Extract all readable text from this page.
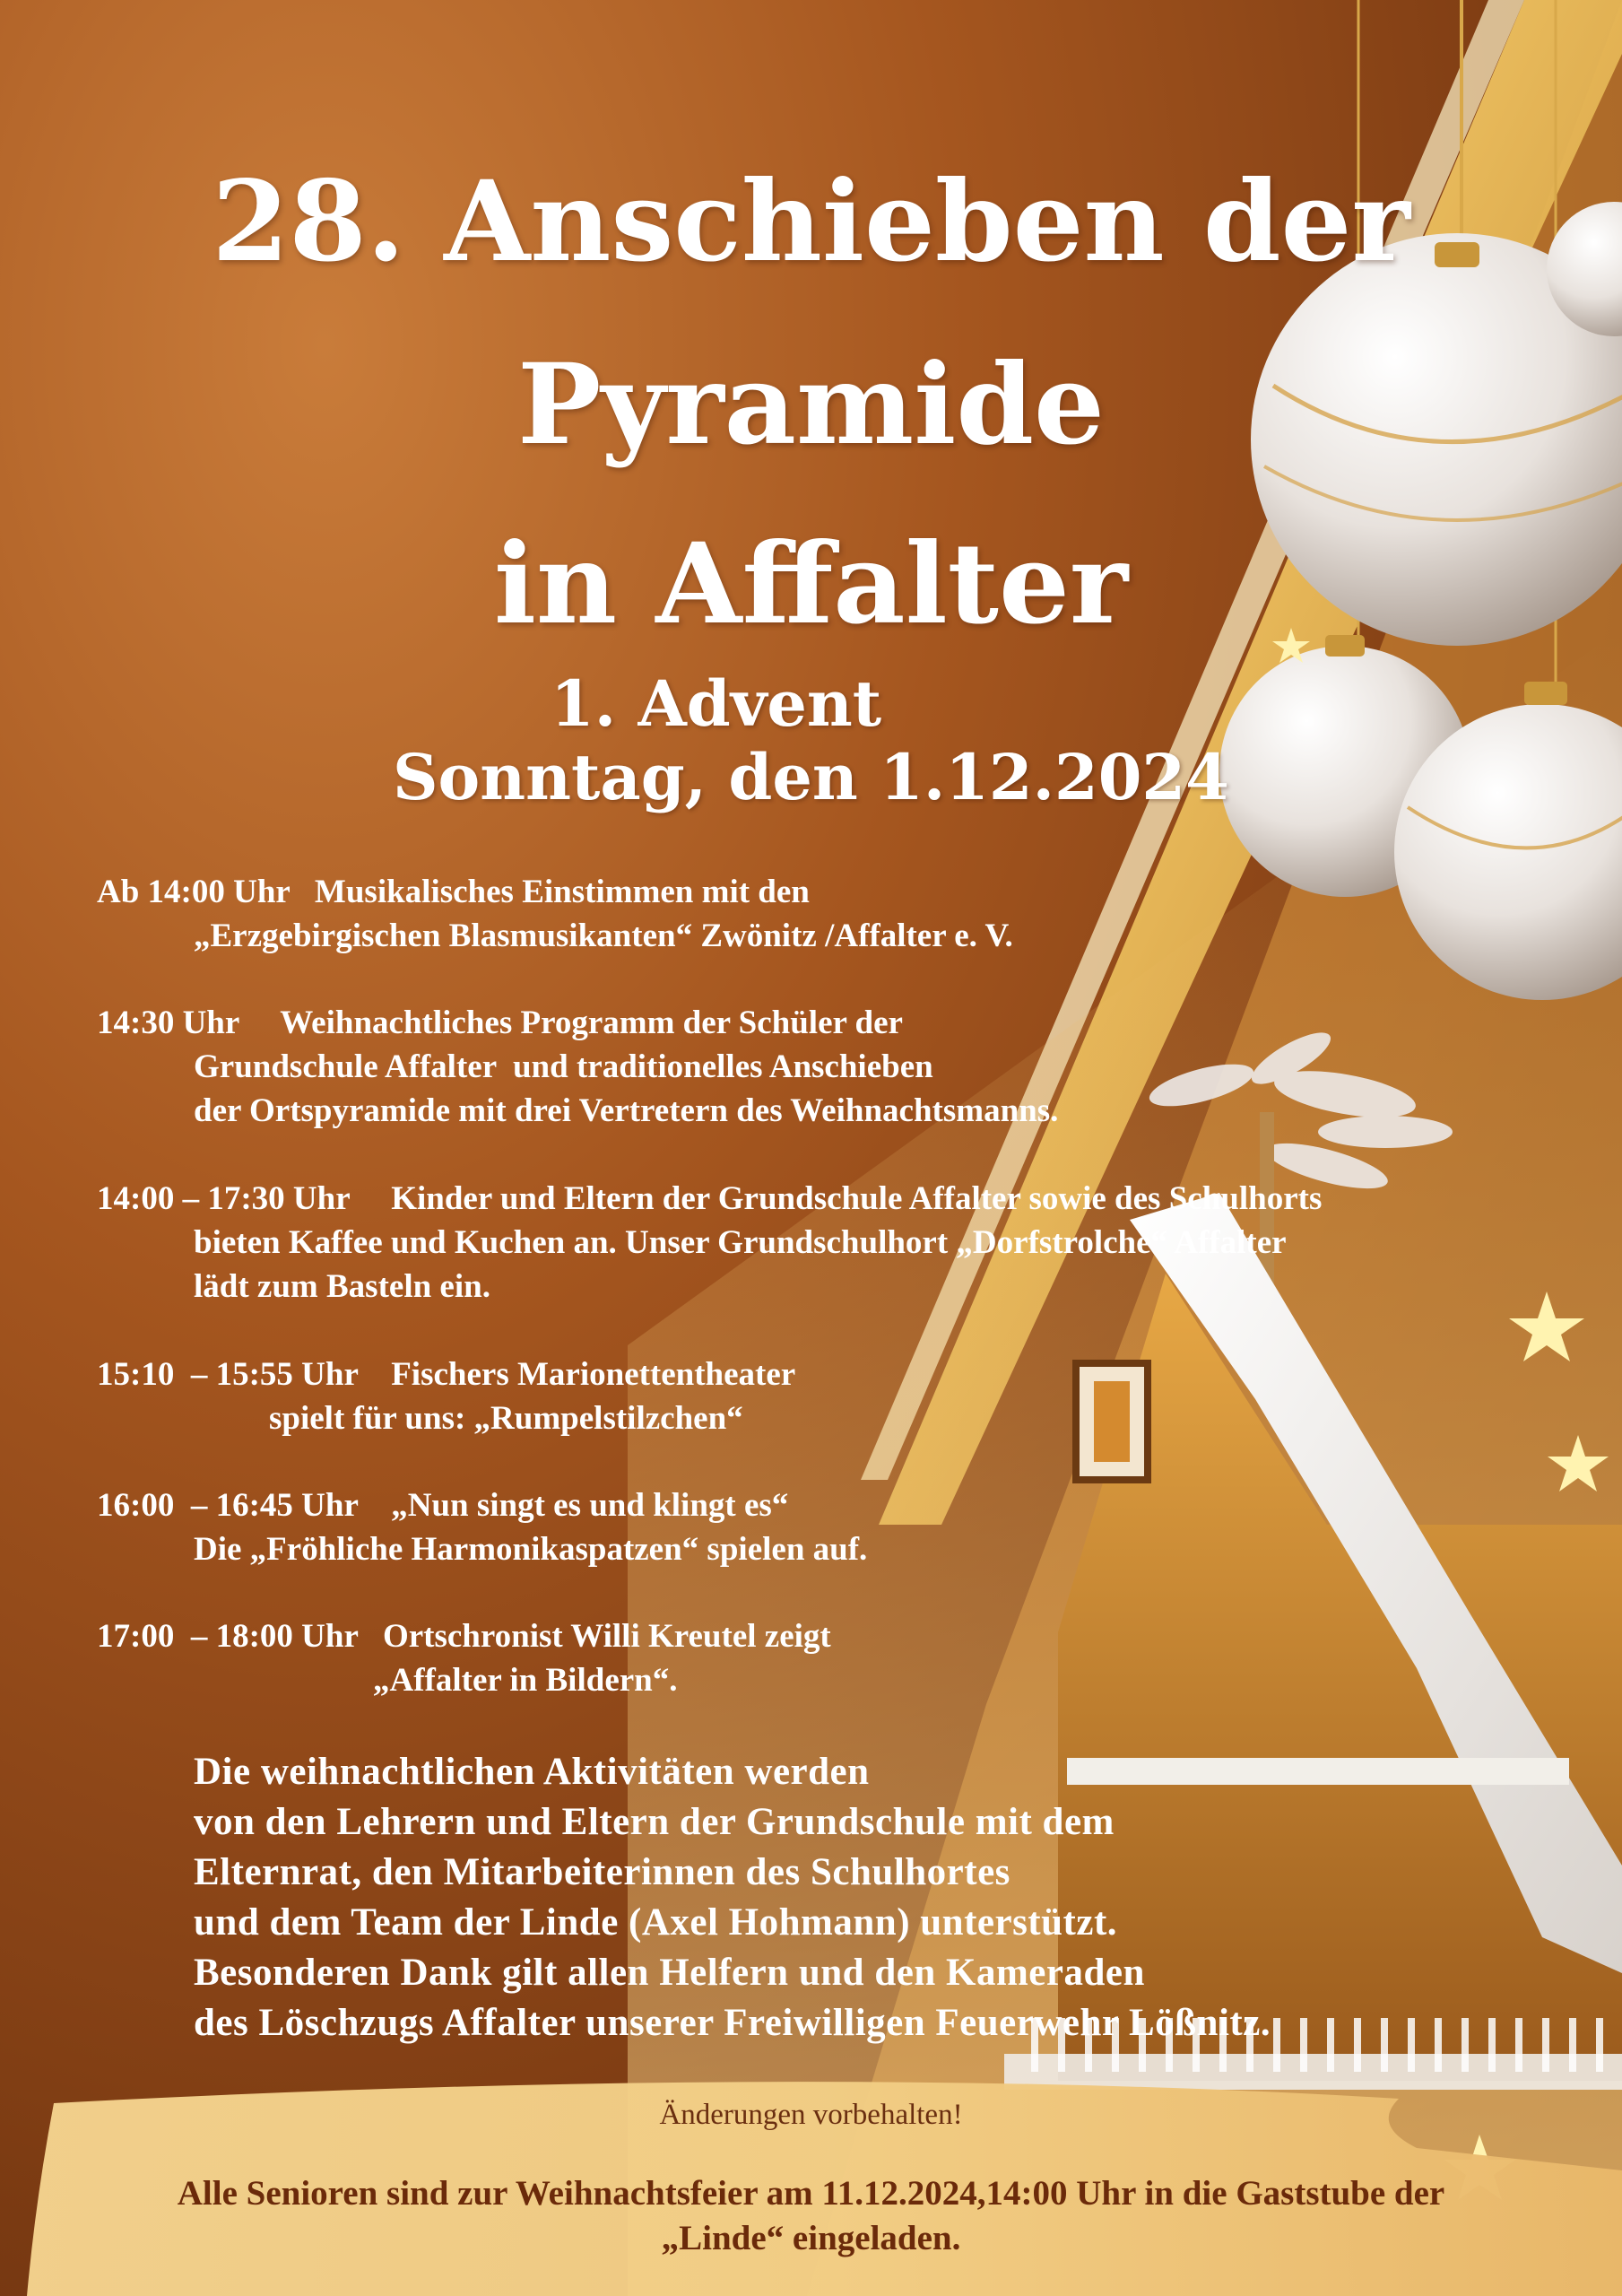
28. Anschieben der
Pyramide
in Affalter
1. Advent
Sonntag, den 1.12.2024
Ab 14:00 Uhr   Musikalisches Einstimmen mit den
„Erzgebirgischen Blasmusikanten“ Zwönitz /Affalter e. V.
14:30 Uhr     Weihnachtliches Programm der Schüler der
Grundschule Affalter  und traditionelles Anschieben
der Ortspyramide mit drei Vertretern des Weihnachtsmanns.
14:00 – 17:30 Uhr     Kinder und Eltern der Grundschule Affalter sowie des Schulhorts
bieten Kaffee und Kuchen an. Unser Grundschulhort „Dorfstrolche“ Affalter
lädt zum Basteln ein.
15:10  – 15:55 Uhr    Fischers Marionettentheater
spielt für uns: „Rumpelstilzchen“
16:00  – 16:45 Uhr    „Nun singt es und klingt es“
Die „Fröhliche Harmonikaspatzen“ spielen auf.
17:00  – 18:00 Uhr   Ortschronist Willi Kreutel zeigt
„Affalter in Bildern“.
Die weihnachtlichen Aktivitäten werden
von den Lehrern und Eltern der Grundschule mit dem
Elternrat, den Mitarbeiterinnen des Schulhortes
und dem Team der Linde (Axel Hohmann) unterstützt.
Besonderen Dank gilt allen Helfern und den Kameraden
des Löschzugs Affalter unserer Freiwilligen Feuerwehr Lößnitz.
Änderungen vorbehalten!
Alle Senioren sind zur Weihnachtsfeier am 11.12.2024,14:00 Uhr in die Gaststube der
„Linde“ eingeladen.
